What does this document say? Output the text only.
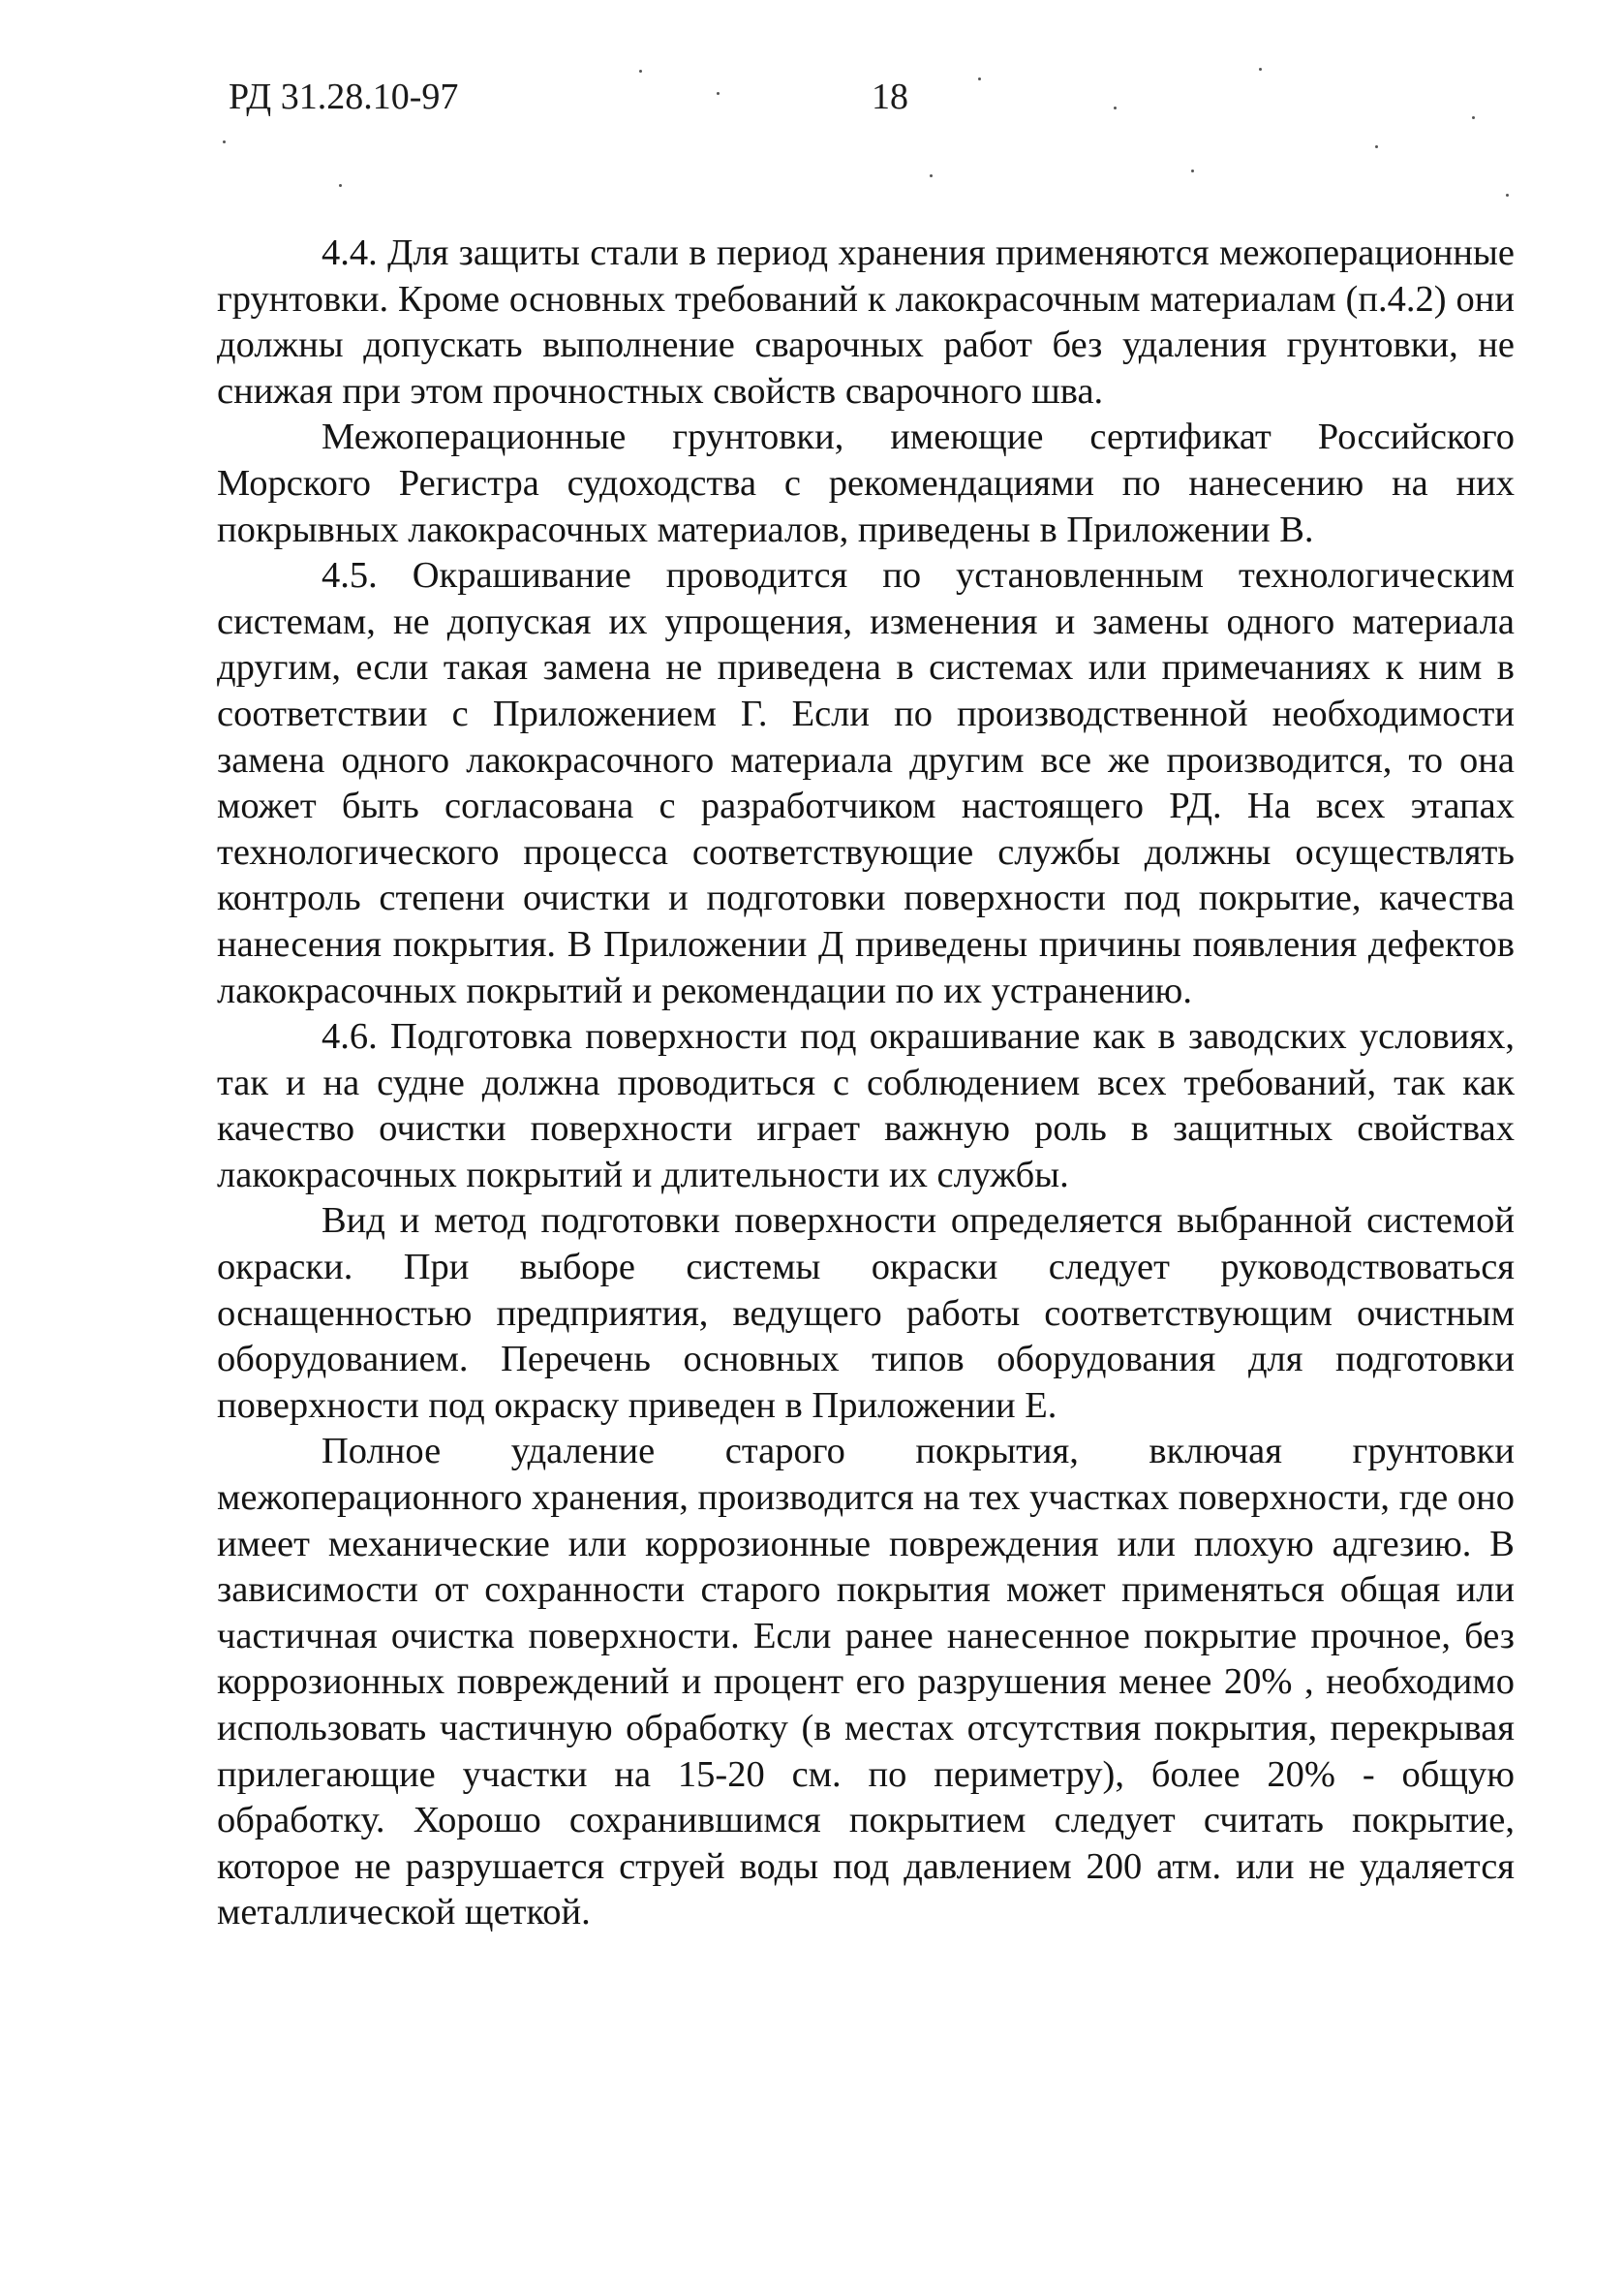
РД 31.28.10-97	18

4.4. Для защиты стали в период хранения применяются межоперационные грунтовки. Кроме основных требований к лакокрасочным материалам (п.4.2) они должны допускать выполнение сварочных работ без удаления грунтовки, не снижая при этом прочностных свойств сварочного шва.

Межоперационные грунтовки, имеющие сертификат Российского Морского Регистра судоходства с рекомендациями по нанесению на них покрывных лакокрасочных материалов, приведены в Приложении В.

4.5. Окрашивание проводится по установленным технологическим системам, не допуская их упрощения, изменения и замены одного материала другим, если такая замена не приведена в системах или примечаниях к ним в соответствии с Приложением Г. Если по производственной необходимости замена одного лакокрасочного материала другим все же производится, то она может быть согласована с разработчиком настоящего РД. На всех этапах технологического процесса соответствующие службы должны осуществлять контроль степени очистки и подготовки поверхности под покрытие, качества нанесения покрытия. В Приложении Д приведены причины появления дефектов лакокрасочных покрытий и рекомендации по их устранению.

4.6. Подготовка поверхности под окрашивание как в заводских условиях, так и на судне должна проводиться с соблюдением всех требований, так как качество очистки поверхности играет важную роль в защитных свойствах лакокрасочных покрытий и длительности их службы.

Вид и метод подготовки поверхности определяется выбранной системой окраски. При выборе системы окраски следует руководствоваться оснащенностью предприятия, ведущего работы соответствующим очистным оборудованием. Перечень основных типов оборудования для подготовки поверхности под окраску приведен в Приложении Е.

Полное удаление старого покрытия, включая грунтовки межоперационного хранения, производится на тех участках поверхности, где оно имеет механические или коррозионные повреждения или плохую адгезию. В зависимости от сохранности старого покрытия может применяться общая или частичная очистка поверхности. Если ранее нанесенное покрытие прочное, без коррозионных повреждений и процент его разрушения менее 20% , необходимо использовать частичную обработку (в местах отсутствия покрытия, перекрывая прилегающие участки на 15-20 см. по периметру), более 20% - общую обработку. Хорошо сохранившимся покрытием следует считать покрытие, которое не разрушается струей воды под давлением 200 атм. или не удаляется металлической щеткой.
